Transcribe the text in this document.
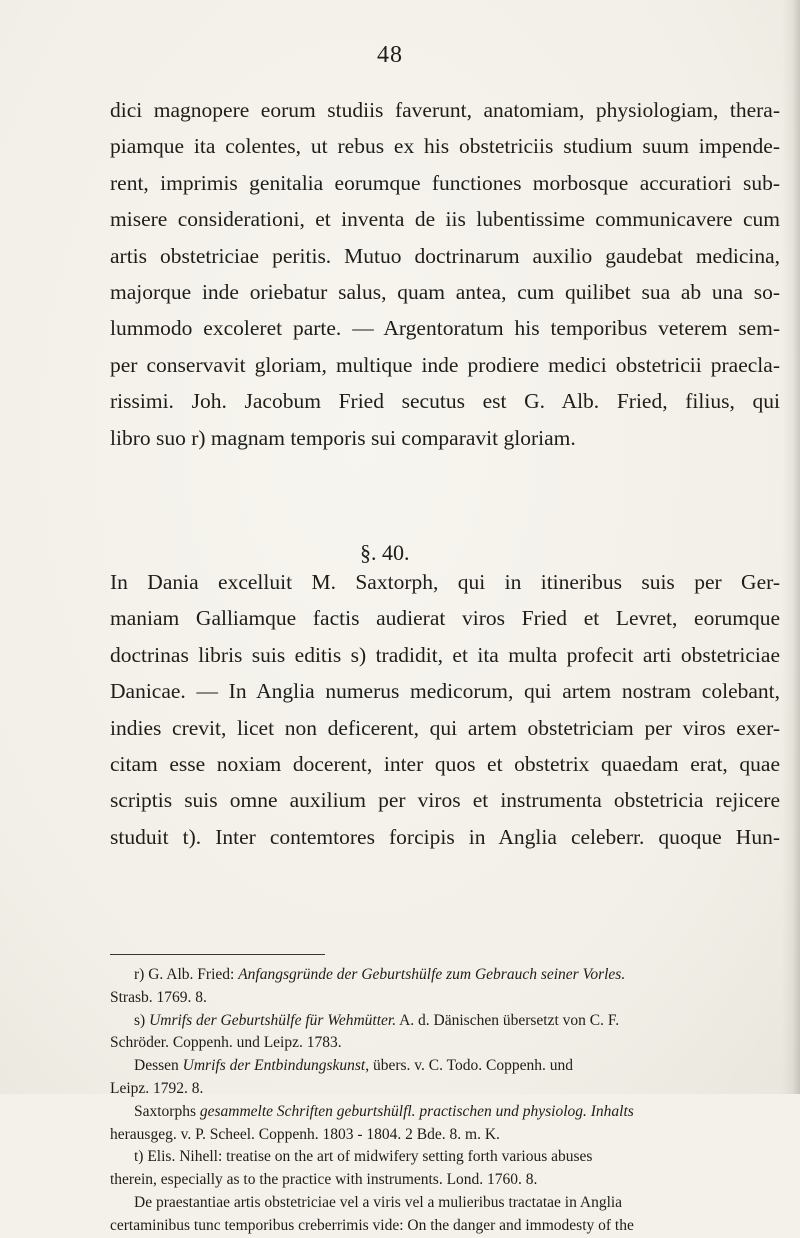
48
dici magnopere eorum studiis faverunt, anatomiam, physiologiam, thera-
piamque ita colentes, ut rebus ex his obstetriciis studium suum impende-
rent, imprimis genitalia eorumque functiones morbosque accuratiori sub-
misere considerationi, et inventa de iis lubentissime communicavere cum
artis obstetriciae peritis. Mutuo doctrinarum auxilio gaudebat medicina,
majorque inde oriebatur salus, quam antea, cum quilibet sua ab una so-
lummodo excoleret parte. — Argentoratum his temporibus veterem sem-
per conservavit gloriam, multique inde prodiere medici obstetricii praecla-
rissimi. Joh. Jacobum Fried secutus est G. Alb. Fried, filius, qui
libro suo r) magnam temporis sui comparavit gloriam.
§. 40.
In Dania excelluit M. Saxtorph, qui in itineribus suis per Ger-
maniam Galliamque factis audierat viros Fried et Levret, eorumque
doctrinas libris suis editis s) tradidit, et ita multa profecit arti obstetriciae
Danicae. — In Anglia numerus medicorum, qui artem nostram colebant,
indies crevit, licet non deficerent, qui artem obstetriciam per viros exer-
citam esse noxiam docerent, inter quos et obstetrix quaedam erat, quae
scriptis suis omne auxilium per viros et instrumenta obstetricia rejicere
studuit t). Inter contemtores forcipis in Anglia celeberr. quoque Hun-
r) G. Alb. Fried: Anfangsgründe der Geburtshülfe zum Gebrauch seiner Vorles.
Strasb. 1769. 8.
s) Umrifs der Geburtshülfe für Wehmütter. A. d. Dänischen übersetzt von C. F.
Schröder. Coppenh. und Leipz. 1783.
Dessen Umrifs der Entbindungskunst, übers. v. C. Todo. Coppenh. und
Leipz. 1792. 8.
Saxtorphs gesammelte Schriften geburtshülfl. practischen und physiolog. Inhalts
herausgeg. v. P. Scheel. Coppenh. 1803 - 1804. 2 Bde. 8. m. K.
t) Elis. Nihell: treatise on the art of midwifery setting forth various abuses
therein, especially as to the practice with instruments. Lond. 1760. 8.
De praestantiae artis obstetriciae vel a viris vel a mulieribus tractatae in Anglia
certaminibus tunc temporibus creberrimis vide: On the danger and immodesty of the
